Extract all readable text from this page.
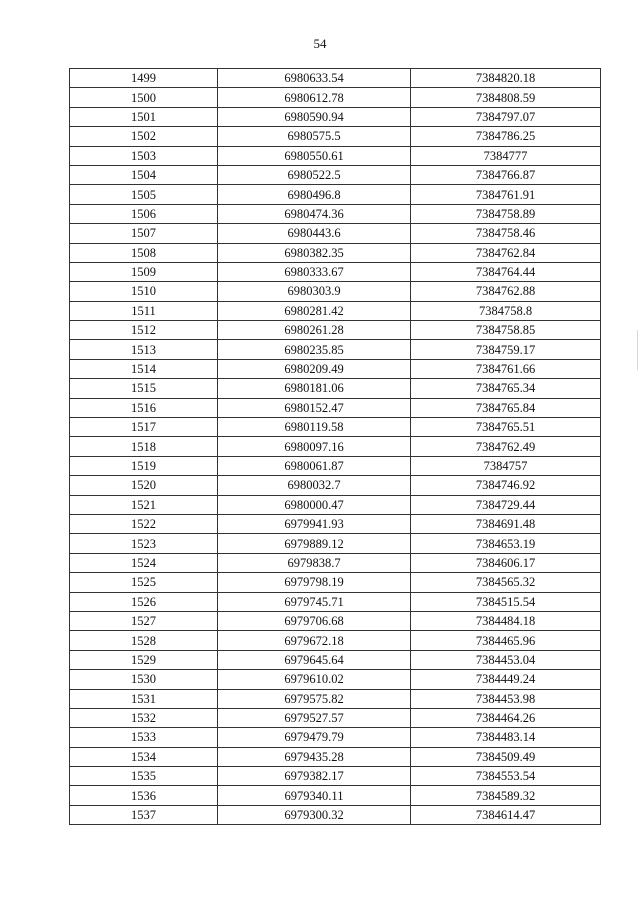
54
1499	6980633.54	7384820.18
1500	6980612.78	7384808.59
1501	6980590.94	7384797.07
1502	6980575.5	7384786.25
1503	6980550.61	7384777
1504	6980522.5	7384766.87
1505	6980496.8	7384761.91
1506	6980474.36	7384758.89
1507	6980443.6	7384758.46
1508	6980382.35	7384762.84
1509	6980333.67	7384764.44
1510	6980303.9	7384762.88
1511	6980281.42	7384758.8
1512	6980261.28	7384758.85
1513	6980235.85	7384759.17
1514	6980209.49	7384761.66
1515	6980181.06	7384765.34
1516	6980152.47	7384765.84
1517	6980119.58	7384765.51
1518	6980097.16	7384762.49
1519	6980061.87	7384757
1520	6980032.7	7384746.92
1521	6980000.47	7384729.44
1522	6979941.93	7384691.48
1523	6979889.12	7384653.19
1524	6979838.7	7384606.17
1525	6979798.19	7384565.32
1526	6979745.71	7384515.54
1527	6979706.68	7384484.18
1528	6979672.18	7384465.96
1529	6979645.64	7384453.04
1530	6979610.02	7384449.24
1531	6979575.82	7384453.98
1532	6979527.57	7384464.26
1533	6979479.79	7384483.14
1534	6979435.28	7384509.49
1535	6979382.17	7384553.54
1536	6979340.11	7384589.32
1537	6979300.32	7384614.47
